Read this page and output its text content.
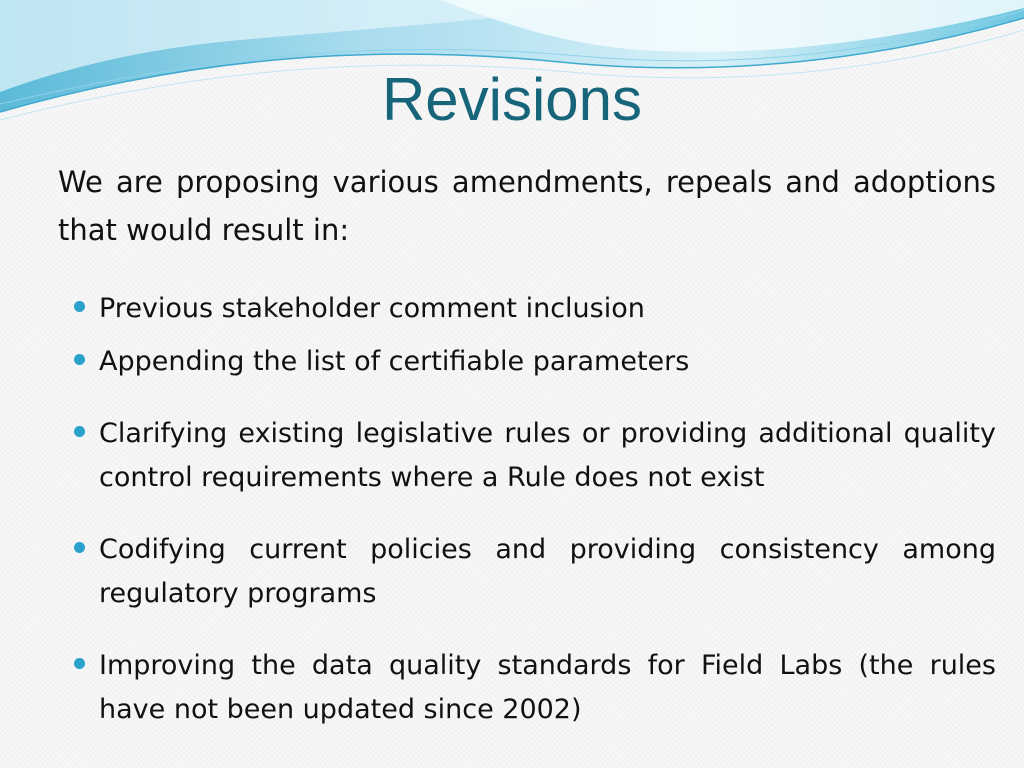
Revisions

We are proposing various amendments, repeals and adoptions that would result in:

Previous stakeholder comment inclusion
Appending the list of certifiable parameters
Clarifying existing legislative rules or providing additional quality control requirements where a Rule does not exist
Codifying current policies and providing consistency among regulatory programs
Improving the data quality standards for Field Labs (the rules have not been updated since 2002)
